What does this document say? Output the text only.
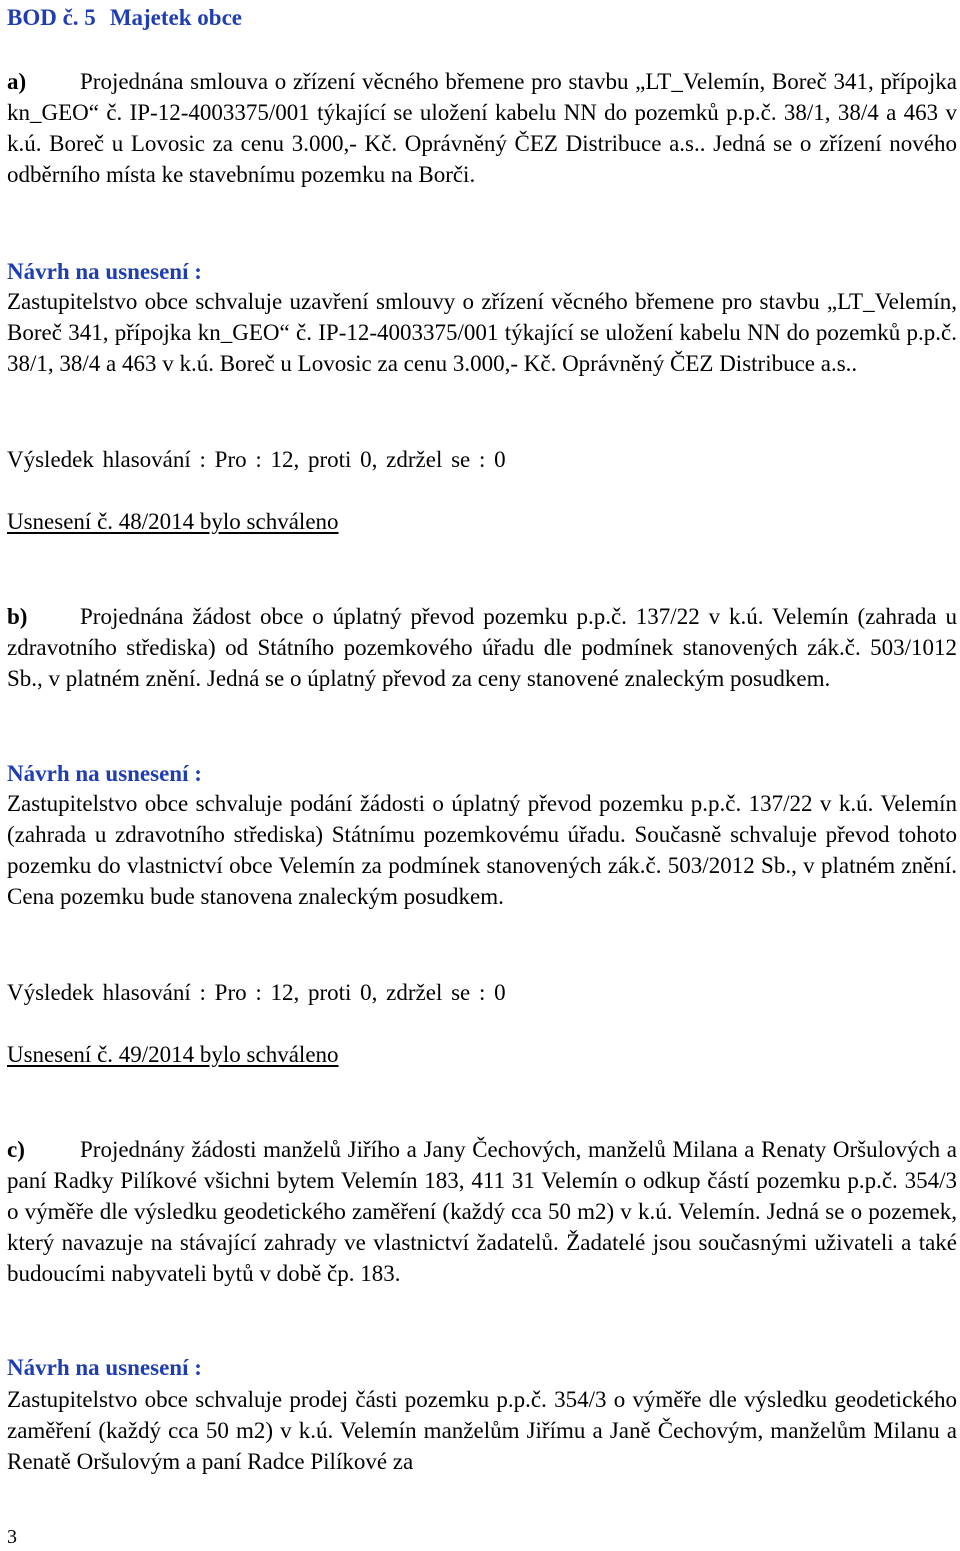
BOD č. 5 Majetek obce
a) Projednána smlouva o zřízení věcného břemene pro stavbu „LT_Velemín, Boreč 341, přípojka kn_GEO“ č. IP-12-4003375/001 týkající se uložení kabelu NN do pozemků p.p.č. 38/1, 38/4 a 463 v k.ú. Boreč u Lovosic za cenu 3.000,- Kč. Oprávněný ČEZ Distribuce a.s.. Jedná se o zřízení nového odběrního místa ke stavebnímu pozemku na Borči.
Návrh na usnesení :
Zastupitelstvo obce schvaluje uzavření smlouvy o zřízení věcného břemene pro stavbu „LT_Velemín, Boreč 341, přípojka kn_GEO“ č. IP-12-4003375/001 týkající se uložení kabelu NN do pozemků p.p.č. 38/1, 38/4 a 463 v k.ú. Boreč u Lovosic za cenu 3.000,- Kč. Oprávněný ČEZ Distribuce a.s..
Výsledek hlasování : Pro : 12, proti 0, zdržel se : 0
Usnesení č. 48/2014 bylo schváleno
b) Projednána žádost obce o úplatný převod pozemku p.p.č. 137/22 v k.ú. Velemín (zahrada u zdravotního střediska) od Státního pozemkového úřadu dle podmínek stanovených zák.č. 503/1012 Sb., v platném znění. Jedná se o úplatný převod za ceny stanovené znaleckým posudkem.
Návrh na usnesení :
Zastupitelstvo obce schvaluje podání žádosti o úplatný převod pozemku p.p.č. 137/22 v k.ú. Velemín (zahrada u zdravotního střediska) Státnímu pozemkovému úřadu. Současně schvaluje převod tohoto pozemku do vlastnictví obce Velemín za podmínek stanovených zák.č. 503/2012 Sb., v platném znění. Cena pozemku bude stanovena znaleckým posudkem.
Výsledek hlasování : Pro : 12, proti 0, zdržel se : 0
Usnesení č. 49/2014 bylo schváleno
c) Projednány žádosti manželů Jiřího a Jany Čechových, manželů Milana a Renaty Oršulových a paní Radky Pilíkové všichni bytem Velemín 183, 411 31 Velemín o odkup částí pozemku p.p.č. 354/3 o výměře dle výsledku geodetického zaměření (každý cca 50 m2) v k.ú. Velemín. Jedná se o pozemek, který navazuje na stávající zahrady ve vlastnictví žadatelů. Žadatelé jsou současnými uživateli a také budoucími nabyvateli bytů v době čp. 183.
Návrh na usnesení :
Zastupitelstvo obce schvaluje prodej části pozemku p.p.č. 354/3 o výměře dle výsledku geodetického zaměření (každý cca 50 m2) v k.ú. Velemín manželům Jiřímu a Janě Čechovým, manželům Milanu a Renatě Oršulovým a paní Radce Pilíkové za
3
